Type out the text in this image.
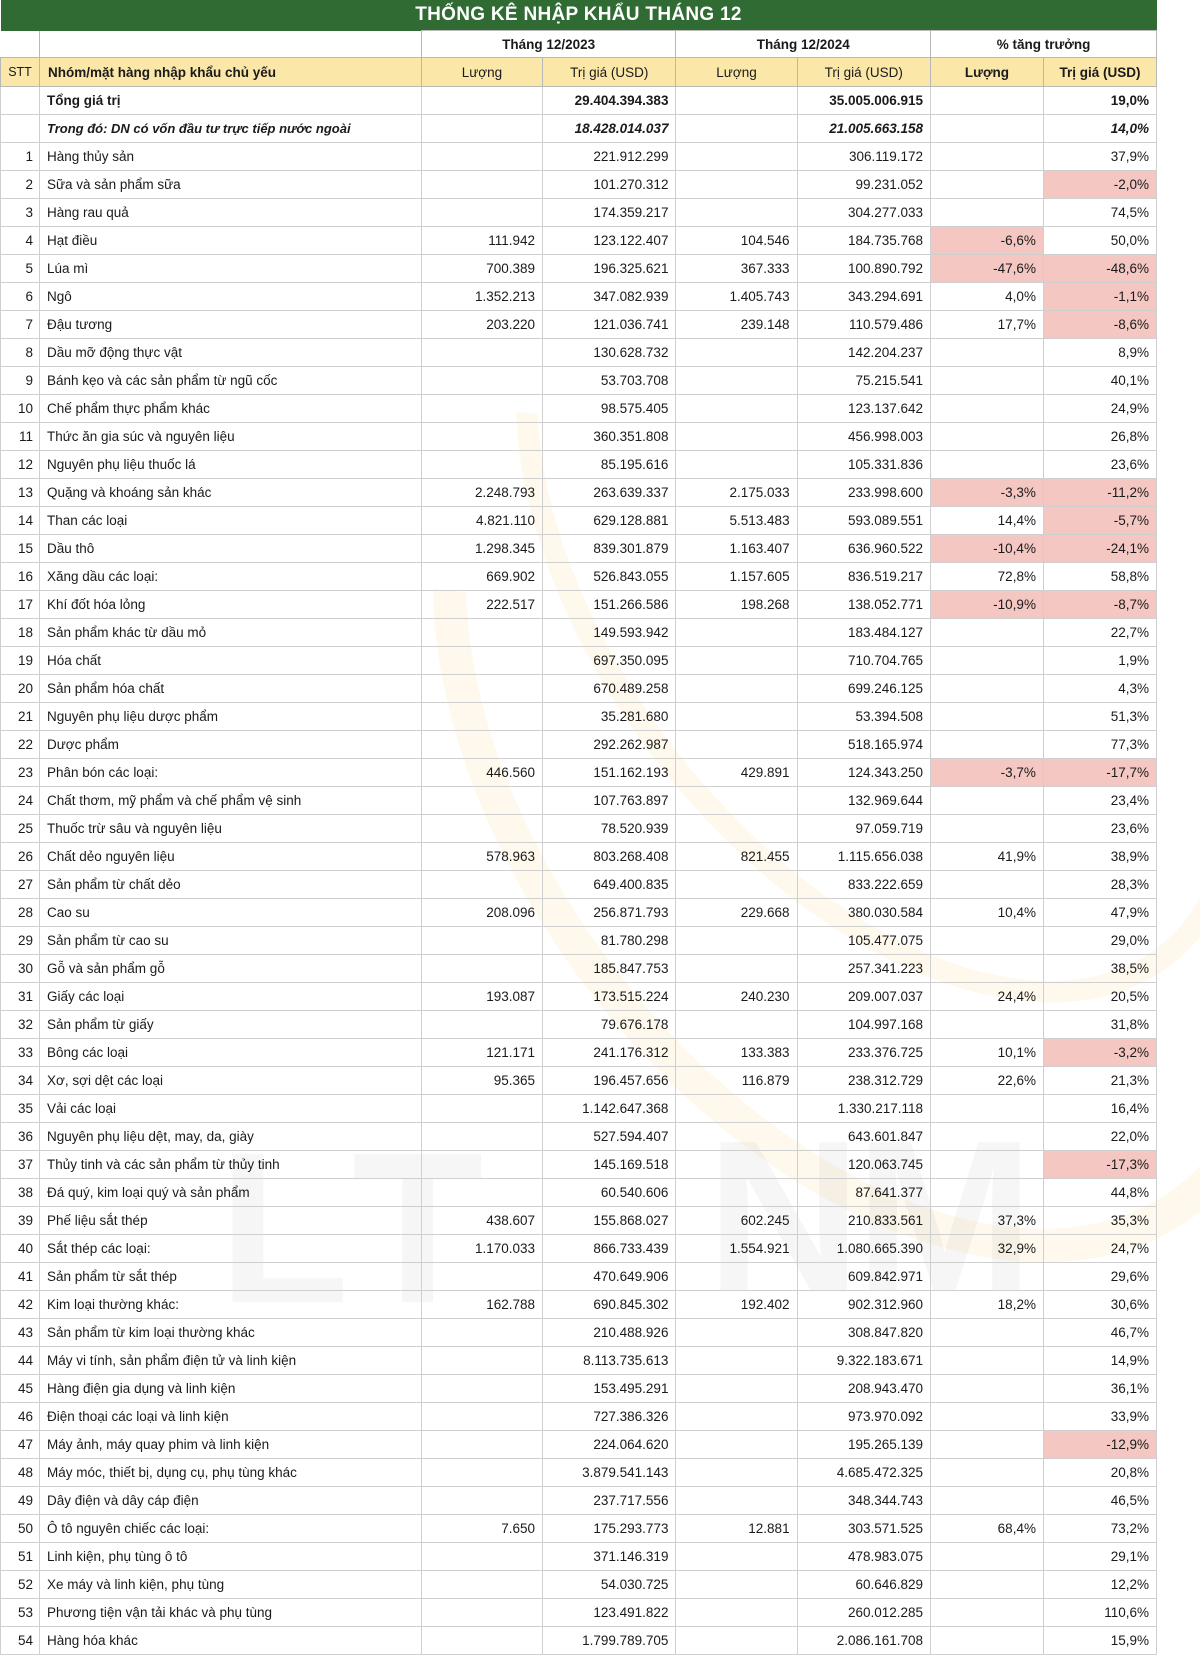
THỐNG KÊ NHẬP KHẨU THÁNG 12							
		Tháng 12/2023		Tháng 12/2024		% tăng trưởng	
STT	Nhóm/mặt hàng nhập khẩu chủ yếu	Lượng	Trị giá (USD)	Lượng	Trị giá (USD)	Lượng	Trị giá (USD)
	Tổng giá trị		29.404.394.383		35.005.006.915		19,0%
	Trong đó: DN có vốn đầu tư trực tiếp nước ngoài		18.428.014.037		21.005.663.158		14,0%
1	Hàng thủy sản		221.912.299		306.119.172		37,9%
2	Sữa và sản phẩm sữa		101.270.312		99.231.052		-2,0%
3	Hàng rau quả		174.359.217		304.277.033		74,5%
4	Hạt điều	111.942	123.122.407	104.546	184.735.768	-6,6%	50,0%
5	Lúa mì	700.389	196.325.621	367.333	100.890.792	-47,6%	-48,6%
6	Ngô	1.352.213	347.082.939	1.405.743	343.294.691	4,0%	-1,1%
7	Đậu tương	203.220	121.036.741	239.148	110.579.486	17,7%	-8,6%
8	Dầu mỡ động thực vật		130.628.732		142.204.237		8,9%
9	Bánh kẹo và các sản phẩm từ ngũ cốc		53.703.708		75.215.541		40,1%
10	Chế phẩm thực phẩm khác		98.575.405		123.137.642		24,9%
11	Thức ăn gia súc và nguyên liệu		360.351.808		456.998.003		26,8%
12	Nguyên phụ liệu thuốc lá		85.195.616		105.331.836		23,6%
13	Quặng và khoáng sản khác	2.248.793	263.639.337	2.175.033	233.998.600	-3,3%	-11,2%
14	Than các loại	4.821.110	629.128.881	5.513.483	593.089.551	14,4%	-5,7%
15	Dầu thô	1.298.345	839.301.879	1.163.407	636.960.522	-10,4%	-24,1%
16	Xăng dầu các loại:	669.902	526.843.055	1.157.605	836.519.217	72,8%	58,8%
17	Khí đốt hóa lỏng	222.517	151.266.586	198.268	138.052.771	-10,9%	-8,7%
18	Sản phẩm khác từ dầu mỏ		149.593.942		183.484.127		22,7%
19	Hóa chất		697.350.095		710.704.765		1,9%
20	Sản phẩm hóa chất		670.489.258		699.246.125		4,3%
21	Nguyên phụ liệu dược phẩm		35.281.680		53.394.508		51,3%
22	Dược phẩm		292.262.987		518.165.974		77,3%
23	Phân bón các loại:	446.560	151.162.193	429.891	124.343.250	-3,7%	-17,7%
24	Chất thơm, mỹ phẩm và chế phẩm vệ sinh		107.763.897		132.969.644		23,4%
25	Thuốc trừ sâu và nguyên liệu		78.520.939		97.059.719		23,6%
26	Chất dẻo nguyên liệu	578.963	803.268.408	821.455	1.115.656.038	41,9%	38,9%
27	Sản phẩm từ chất dẻo		649.400.835		833.222.659		28,3%
28	Cao su	208.096	256.871.793	229.668	380.030.584	10,4%	47,9%
29	Sản phẩm từ cao su		81.780.298		105.477.075		29,0%
30	Gỗ và sản phẩm gỗ		185.847.753		257.341.223		38,5%
31	Giấy các loại	193.087	173.515.224	240.230	209.007.037	24,4%	20,5%
32	Sản phẩm từ giấy		79.676.178		104.997.168		31,8%
33	Bông các loại	121.171	241.176.312	133.383	233.376.725	10,1%	-3,2%
34	Xơ, sợi dệt các loại	95.365	196.457.656	116.879	238.312.729	22,6%	21,3%
35	Vải các loại		1.142.647.368		1.330.217.118		16,4%
36	Nguyên phụ liệu dệt, may, da, giày		527.594.407		643.601.847		22,0%
37	Thủy tinh và các sản phẩm từ thủy tinh		145.169.518		120.063.745		-17,3%
38	Đá quý, kim loại quý và sản phẩm		60.540.606		87.641.377		44,8%
39	Phế liệu sắt thép	438.607	155.868.027	602.245	210.833.561	37,3%	35,3%
40	Sắt thép các loại:	1.170.033	866.733.439	1.554.921	1.080.665.390	32,9%	24,7%
41	Sản phẩm từ sắt thép		470.649.906		609.842.971		29,6%
42	Kim loại thường khác:	162.788	690.845.302	192.402	902.312.960	18,2%	30,6%
43	Sản phẩm từ kim loại thường khác		210.488.926		308.847.820		46,7%
44	Máy vi tính, sản phẩm điện tử và linh kiện		8.113.735.613		9.322.183.671		14,9%
45	Hàng điện gia dụng và linh kiện		153.495.291		208.943.470		36,1%
46	Điện thoại các loại và linh kiện		727.386.326		973.970.092		33,9%
47	Máy ảnh, máy quay phim và linh kiện		224.064.620		195.265.139		-12,9%
48	Máy móc, thiết bị, dụng cụ, phụ tùng khác		3.879.541.143		4.685.472.325		20,8%
49	Dây điện và dây cáp điện		237.717.556		348.344.743		46,5%
50	Ô tô nguyên chiếc các loại:	7.650	175.293.773	12.881	303.571.525	68,4%	73,2%
51	Linh kiện, phụ tùng ô tô		371.146.319		478.983.075		29,1%
52	Xe máy và linh kiện, phụ tùng		54.030.725		60.646.829		12,2%
53	Phương tiện vận tải khác và phụ tùng		123.491.822		260.012.285		110,6%
54	Hàng hóa khác		1.799.789.705		2.086.161.708		15,9%
